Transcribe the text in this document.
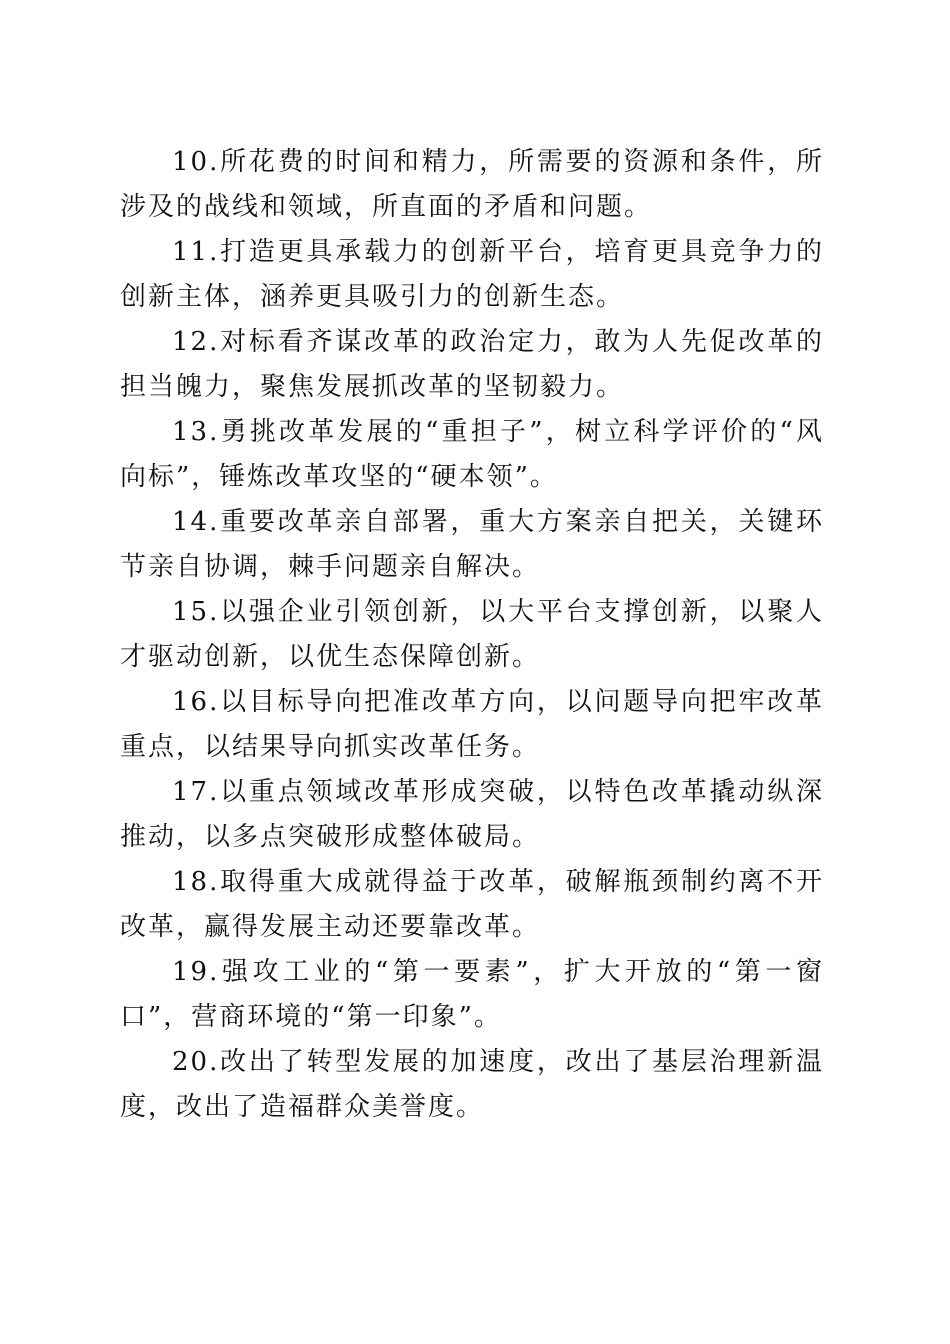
10.所花费的时间和精力，所需要的资源和条件，所涉及的战线和领域，所直面的矛盾和问题。

11.打造更具承载力的创新平台，培育更具竞争力的创新主体，涵养更具吸引力的创新生态。

12.对标看齐谋改革的政治定力，敢为人先促改革的担当魄力，聚焦发展抓改革的坚韧毅力。

13.勇挑改革发展的“重担子”，树立科学评价的“风向标”，锤炼改革攻坚的“硬本领”。

14.重要改革亲自部署，重大方案亲自把关，关键环节亲自协调，棘手问题亲自解决。

15.以强企业引领创新，以大平台支撑创新，以聚人才驱动创新，以优生态保障创新。

16.以目标导向把准改革方向，以问题导向把牢改革重点，以结果导向抓实改革任务。

17.以重点领域改革形成突破，以特色改革撬动纵深推动，以多点突破形成整体破局。

18.取得重大成就得益于改革，破解瓶颈制约离不开改革，赢得发展主动还要靠改革。

19.强攻工业的“第一要素”，扩大开放的“第一窗口”，营商环境的“第一印象”。

20.改出了转型发展的加速度，改出了基层治理新温度，改出了造福群众美誉度。
